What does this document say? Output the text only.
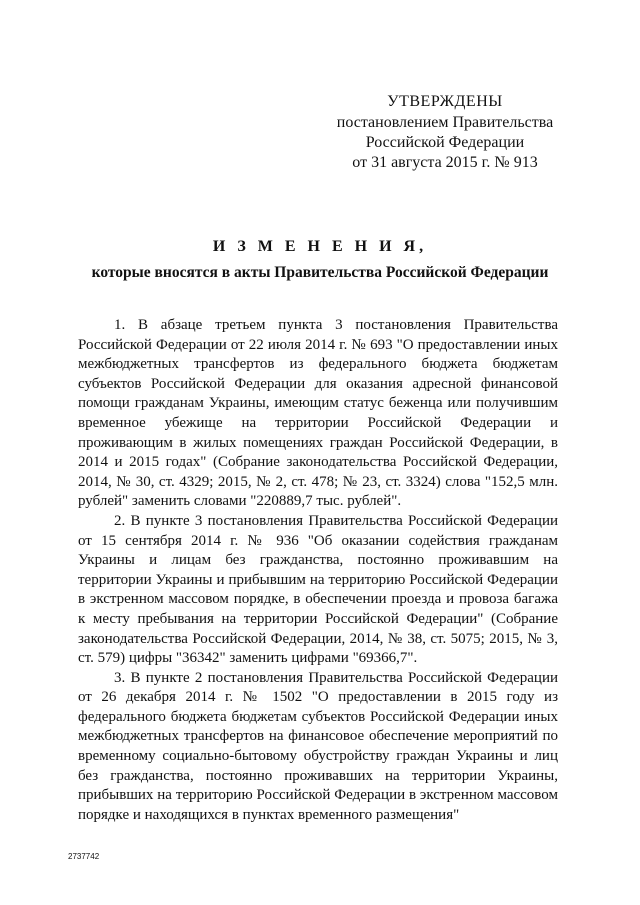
УТВЕРЖДЕНЫ
постановлением Правительства
Российской Федерации
от 31 августа 2015 г. № 913
И З М Е Н Е Н И Я,
которые вносятся в акты Правительства Российской Федерации

1. В абзаце третьем пункта 3 постановления Правительства Российской Федерации от 22 июля 2014 г. № 693 "О предоставлении иных межбюджетных трансфертов из федерального бюджета бюджетам субъектов Российской Федерации для оказания адресной финансовой помощи гражданам Украины, имеющим статус беженца или получившим временное убежище на территории Российской Федерации и проживающим в жилых помещениях граждан Российской Федерации, в 2014 и 2015 годах" (Собрание законодательства Российской Федерации, 2014, № 30, ст. 4329; 2015, № 2, ст. 478; № 23, ст. 3324) слова "152,5 млн. рублей" заменить словами "220889,7 тыс. рублей".

2. В пункте 3 постановления Правительства Российской Федерации от 15 сентября 2014 г. № 936 "Об оказании содействия гражданам Украины и лицам без гражданства, постоянно проживавшим на территории Украины и прибывшим на территорию Российской Федерации в экстренном массовом порядке, в обеспечении проезда и провоза багажа к месту пребывания на территории Российской Федерации" (Собрание законодательства Российской Федерации, 2014, № 38, ст. 5075; 2015, № 3, ст. 579) цифры "36342" заменить цифрами "69366,7".

3. В пункте 2 постановления Правительства Российской Федерации от 26 декабря 2014 г. № 1502 "О предоставлении в 2015 году из федерального бюджета бюджетам субъектов Российской Федерации иных межбюджетных трансфертов на финансовое обеспечение мероприятий по временному социально-бытовому обустройству граждан Украины и лиц без гражданства, постоянно проживавших на территории Украины, прибывших на территорию Российской Федерации в экстренном массовом порядке и находящихся в пунктах временного размещения"

2737742
